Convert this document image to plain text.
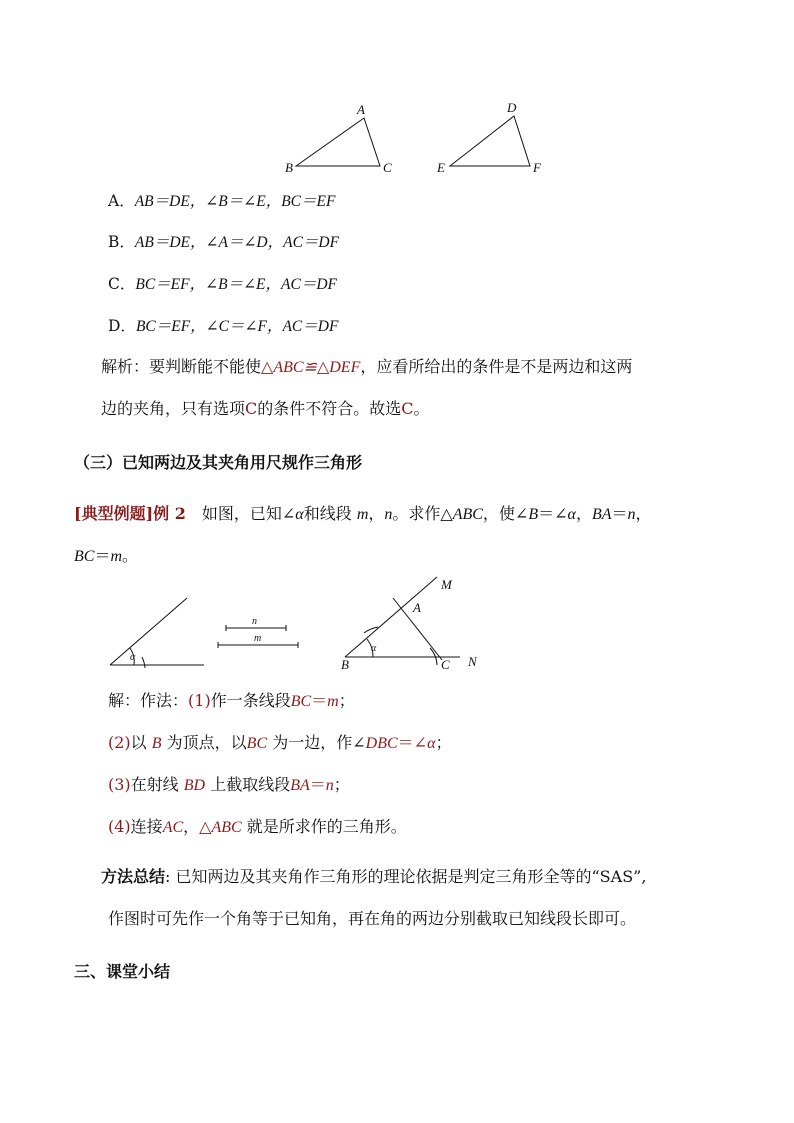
A
B	C
D
E	F
A．AB＝DE，∠B＝∠E，BC＝EF
B．AB＝DE，∠A＝∠D，AC＝DF
C．BC＝EF，∠B＝∠E，AC＝DF
D．BC＝EF，∠C＝∠F，AC＝DF
解析：要判断能不能使△ABC≌△DEF，应看所给出的条件是不是两边和这两
边的夹角，只有选项C的条件不符合。故选C。
（三）已知两边及其夹角用尺规作三角形
[典型例题]例 2 如图，已知∠α和线段 m，n。求作△ABC，使∠B＝∠α，BA＝n，
BC＝m。
α
n
m
M
A
α
B	C N
解：作法：(1)作一条线段BC＝m；
(2)以 B 为顶点，以BC 为一边，作∠DBC＝∠α；
(3)在射线 BD 上截取线段BA＝n；
(4)连接AC，△ABC 就是所求作的三角形。
方法总结: 已知两边及其夹角作三角形的理论依据是判定三角形全等的“SAS”,
作图时可先作一个角等于已知角，再在角的两边分别截取已知线段长即可。
三、课堂小结
